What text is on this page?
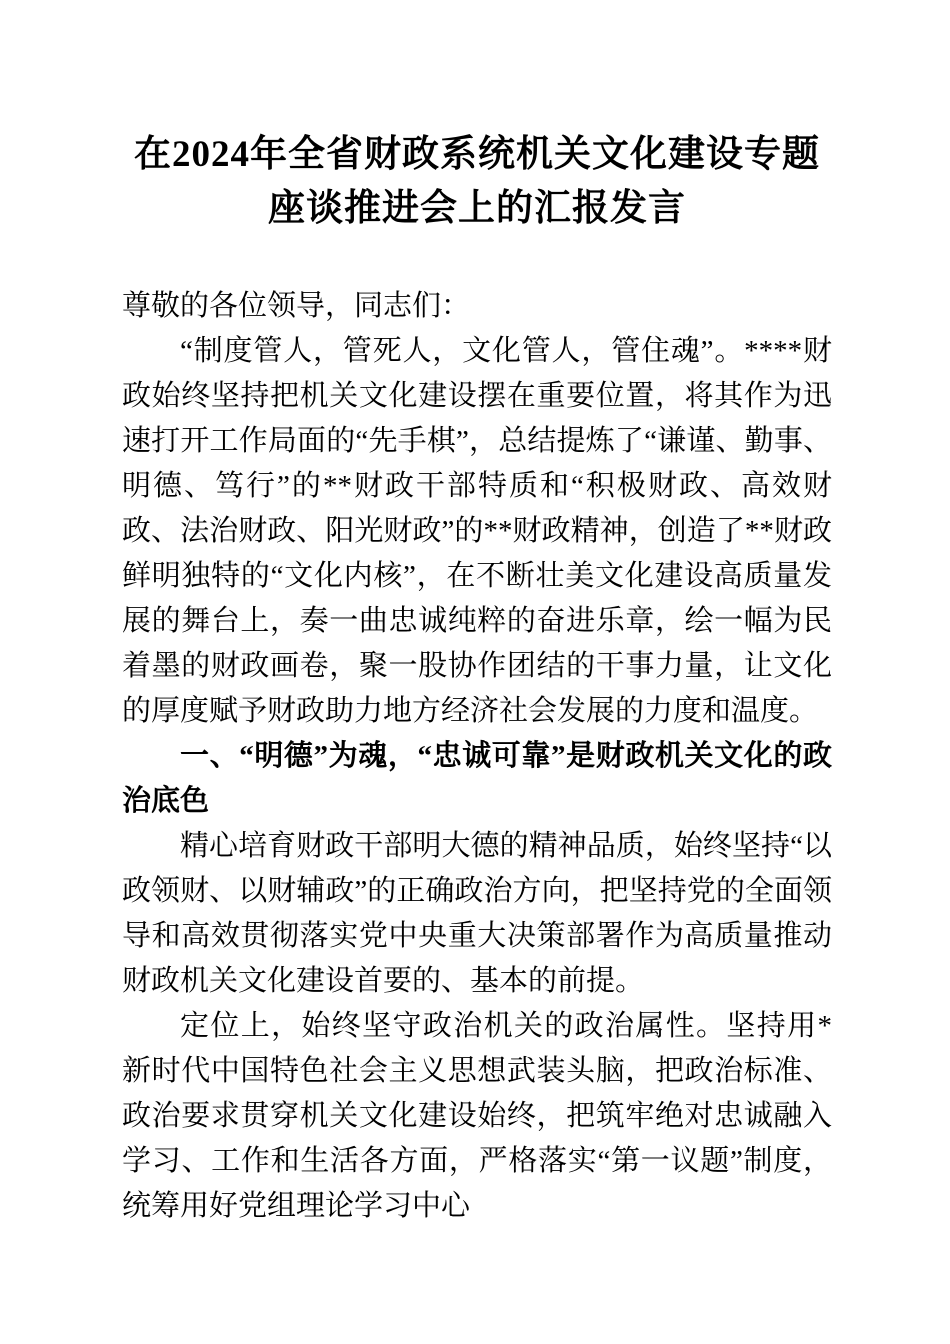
在2024年全省财政系统机关文化建设专题座谈推进会上的汇报发言

尊敬的各位领导，同志们：

“制度管人，管死人，文化管人，管住魂”。****财政始终坚持把机关文化建设摆在重要位置，将其作为迅速打开工作局面的“先手棋”，总结提炼了“谦谨、勤事、明德、笃行”的**财政干部特质和“积极财政、高效财政、法治财政、阳光财政”的**财政精神，创造了**财政鲜明独特的“文化内核”，在不断壮美文化建设高质量发展的舞台上，奏一曲忠诚纯粹的奋进乐章，绘一幅为民着墨的财政画卷，聚一股协作团结的干事力量，让文化的厚度赋予财政助力地方经济社会发展的力度和温度。

一、“明德”为魂，“忠诚可靠”是财政机关文化的政治底色

精心培育财政干部明大德的精神品质，始终坚持“以政领财、以财辅政”的正确政治方向，把坚持党的全面领导和高效贯彻落实党中央重大决策部署作为高质量推动财政机关文化建设首要的、基本的前提。

定位上，始终坚守政治机关的政治属性。坚持用*新时代中国特色社会主义思想武装头脑，把政治标准、政治要求贯穿机关文化建设始终，把筑牢绝对忠诚融入学习、工作和生活各方面，严格落实“第一议题”制度，统筹用好党组理论学习中心
